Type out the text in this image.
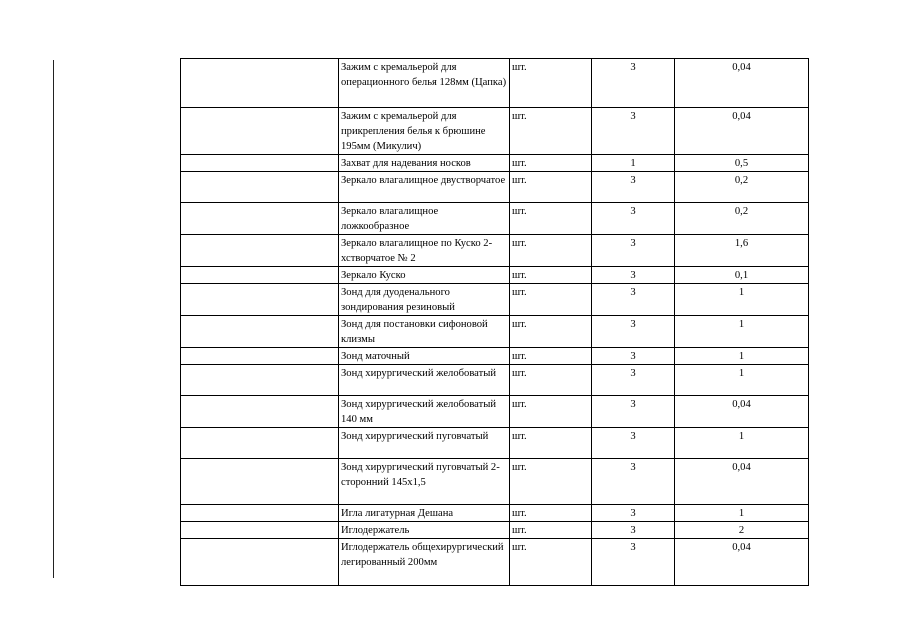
	Зажим с кремальерой для операционного белья 128мм (Цапка)	шт.	3	0,04
	Зажим с кремальерой для прикрепления белья к брюшине 195мм (Микулич)	шт.	3	0,04
	Захват для надевания носков	шт.	1	0,5
	Зеркало влагалищное двустворчатое	шт.	3	0,2
	Зеркало влагалищное ложкообразное	шт.	3	0,2
	Зеркало влагалищное по Куско 2-хстворчатое № 2	шт.	3	1,6
	Зеркало Куско	шт.	3	0,1
	Зонд для дуоденального зондирования резиновый	шт.	3	1
	Зонд для постановки сифоновой клизмы	шт.	3	1
	Зонд маточный	шт.	3	1
	Зонд хирургический желобоватый	шт.	3	1
	Зонд хирургический желобоватый 140 мм	шт.	3	0,04
	Зонд хирургический пуговчатый	шт.	3	1
	Зонд хирургический пуговчатый 2-сторонний 145х1,5	шт.	3	0,04
	Игла лигатурная Дешана	шт.	3	1
	Иглодержатель	шт.	3	2
	Иглодержатель общехирургический легированный 200мм	шт.	3	0,04
